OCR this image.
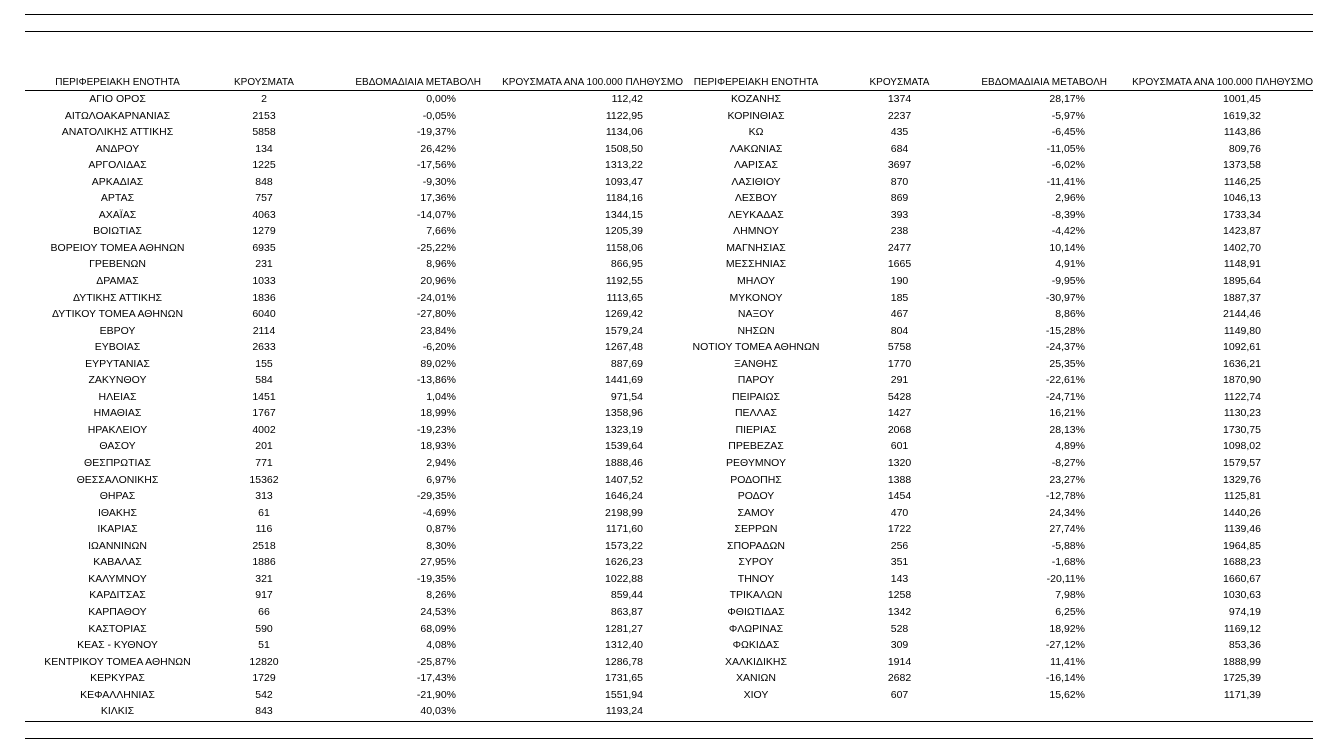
ΠΕΡΙΦΕΡΕΙΑΚΗ ΕΝΟΤΗΤΑ	ΚΡΟΥΣΜΑΤΑ	ΕΒΔΟΜΑΔΙΑΙΑ ΜΕΤΑΒΟΛΗ	ΚΡΟΥΣΜΑΤΑ ΑΝΑ 100.000 ΠΛΗΘΥΣΜΟ	ΠΕΡΙΦΕΡΕΙΑΚΗ ΕΝΟΤΗΤΑ	ΚΡΟΥΣΜΑΤΑ	ΕΒΔΟΜΑΔΙΑΙΑ ΜΕΤΑΒΟΛΗ	ΚΡΟΥΣΜΑΤΑ ΑΝΑ 100.000 ΠΛΗΘΥΣΜΟ
ΑΓΙΟ ΟΡΟΣ	2	0,00%	112,42	ΚΟΖΑΝΗΣ	1374	28,17%	1001,45
ΑΙΤΩΛΟΑΚΑΡΝΑΝΙΑΣ	2153	-0,05%	1122,95	ΚΟΡΙΝΘΙΑΣ	2237	-5,97%	1619,32
ΑΝΑΤΟΛΙΚΗΣ ΑΤΤΙΚΗΣ	5858	-19,37%	1134,06	ΚΩ	435	-6,45%	1143,86
ΑΝΔΡΟΥ	134	26,42%	1508,50	ΛΑΚΩΝΙΑΣ	684	-11,05%	809,76
ΑΡΓΟΛΙΔΑΣ	1225	-17,56%	1313,22	ΛΑΡΙΣΑΣ	3697	-6,02%	1373,58
ΑΡΚΑΔΙΑΣ	848	-9,30%	1093,47	ΛΑΣΙΘΙΟΥ	870	-11,41%	1146,25
ΑΡΤΑΣ	757	17,36%	1184,16	ΛΕΣΒΟΥ	869	2,96%	1046,13
ΑΧΑΪΑΣ	4063	-14,07%	1344,15	ΛΕΥΚΑΔΑΣ	393	-8,39%	1733,34
ΒΟΙΩΤΙΑΣ	1279	7,66%	1205,39	ΛΗΜΝΟΥ	238	-4,42%	1423,87
ΒΟΡΕΙΟΥ ΤΟΜΕΑ ΑΘΗΝΩΝ	6935	-25,22%	1158,06	ΜΑΓΝΗΣΙΑΣ	2477	10,14%	1402,70
ΓΡΕΒΕΝΩΝ	231	8,96%	866,95	ΜΕΣΣΗΝΙΑΣ	1665	4,91%	1148,91
ΔΡΑΜΑΣ	1033	20,96%	1192,55	ΜΗΛΟΥ	190	-9,95%	1895,64
ΔΥΤΙΚΗΣ ΑΤΤΙΚΗΣ	1836	-24,01%	1113,65	ΜΥΚΟΝΟΥ	185	-30,97%	1887,37
ΔΥΤΙΚΟΥ ΤΟΜΕΑ ΑΘΗΝΩΝ	6040	-27,80%	1269,42	ΝΑΞΟΥ	467	8,86%	2144,46
ΕΒΡΟΥ	2114	23,84%	1579,24	ΝΗΣΩΝ	804	-15,28%	1149,80
ΕΥΒΟΙΑΣ	2633	-6,20%	1267,48	ΝΟΤΙΟΥ ΤΟΜΕΑ ΑΘΗΝΩΝ	5758	-24,37%	1092,61
ΕΥΡΥΤΑΝΙΑΣ	155	89,02%	887,69	ΞΑΝΘΗΣ	1770	25,35%	1636,21
ΖΑΚΥΝΘΟΥ	584	-13,86%	1441,69	ΠΑΡΟΥ	291	-22,61%	1870,90
ΗΛΕΙΑΣ	1451	1,04%	971,54	ΠΕΙΡΑΙΩΣ	5428	-24,71%	1122,74
ΗΜΑΘΙΑΣ	1767	18,99%	1358,96	ΠΕΛΛΑΣ	1427	16,21%	1130,23
ΗΡΑΚΛΕΙΟΥ	4002	-19,23%	1323,19	ΠΙΕΡΙΑΣ	2068	28,13%	1730,75
ΘΑΣΟΥ	201	18,93%	1539,64	ΠΡΕΒΕΖΑΣ	601	4,89%	1098,02
ΘΕΣΠΡΩΤΙΑΣ	771	2,94%	1888,46	ΡΕΘΥΜΝΟΥ	1320	-8,27%	1579,57
ΘΕΣΣΑΛΟΝΙΚΗΣ	15362	6,97%	1407,52	ΡΟΔΟΠΗΣ	1388	23,27%	1329,76
ΘΗΡΑΣ	313	-29,35%	1646,24	ΡΟΔΟΥ	1454	-12,78%	1125,81
ΙΘΑΚΗΣ	61	-4,69%	2198,99	ΣΑΜΟΥ	470	24,34%	1440,26
ΙΚΑΡΙΑΣ	116	0,87%	1171,60	ΣΕΡΡΩΝ	1722	27,74%	1139,46
ΙΩΑΝΝΙΝΩΝ	2518	8,30%	1573,22	ΣΠΟΡΑΔΩΝ	256	-5,88%	1964,85
ΚΑΒΑΛΑΣ	1886	27,95%	1626,23	ΣΥΡΟΥ	351	-1,68%	1688,23
ΚΑΛΥΜΝΟΥ	321	-19,35%	1022,88	ΤΗΝΟΥ	143	-20,11%	1660,67
ΚΑΡΔΙΤΣΑΣ	917	8,26%	859,44	ΤΡΙΚΑΛΩΝ	1258	7,98%	1030,63
ΚΑΡΠΑΘΟΥ	66	24,53%	863,87	ΦΘΙΩΤΙΔΑΣ	1342	6,25%	974,19
ΚΑΣΤΟΡΙΑΣ	590	68,09%	1281,27	ΦΛΩΡΙΝΑΣ	528	18,92%	1169,12
ΚΕΑΣ - ΚΥΘΝΟΥ	51	4,08%	1312,40	ΦΩΚΙΔΑΣ	309	-27,12%	853,36
ΚΕΝΤΡΙΚΟΥ ΤΟΜΕΑ ΑΘΗΝΩΝ	12820	-25,87%	1286,78	ΧΑΛΚΙΔΙΚΗΣ	1914	11,41%	1888,99
ΚΕΡΚΥΡΑΣ	1729	-17,43%	1731,65	ΧΑΝΙΩΝ	2682	-16,14%	1725,39
ΚΕΦΑΛΛΗΝΙΑΣ	542	-21,90%	1551,94	ΧΙΟΥ	607	15,62%	1171,39
ΚΙΛΚΙΣ	843	40,03%	1193,24
